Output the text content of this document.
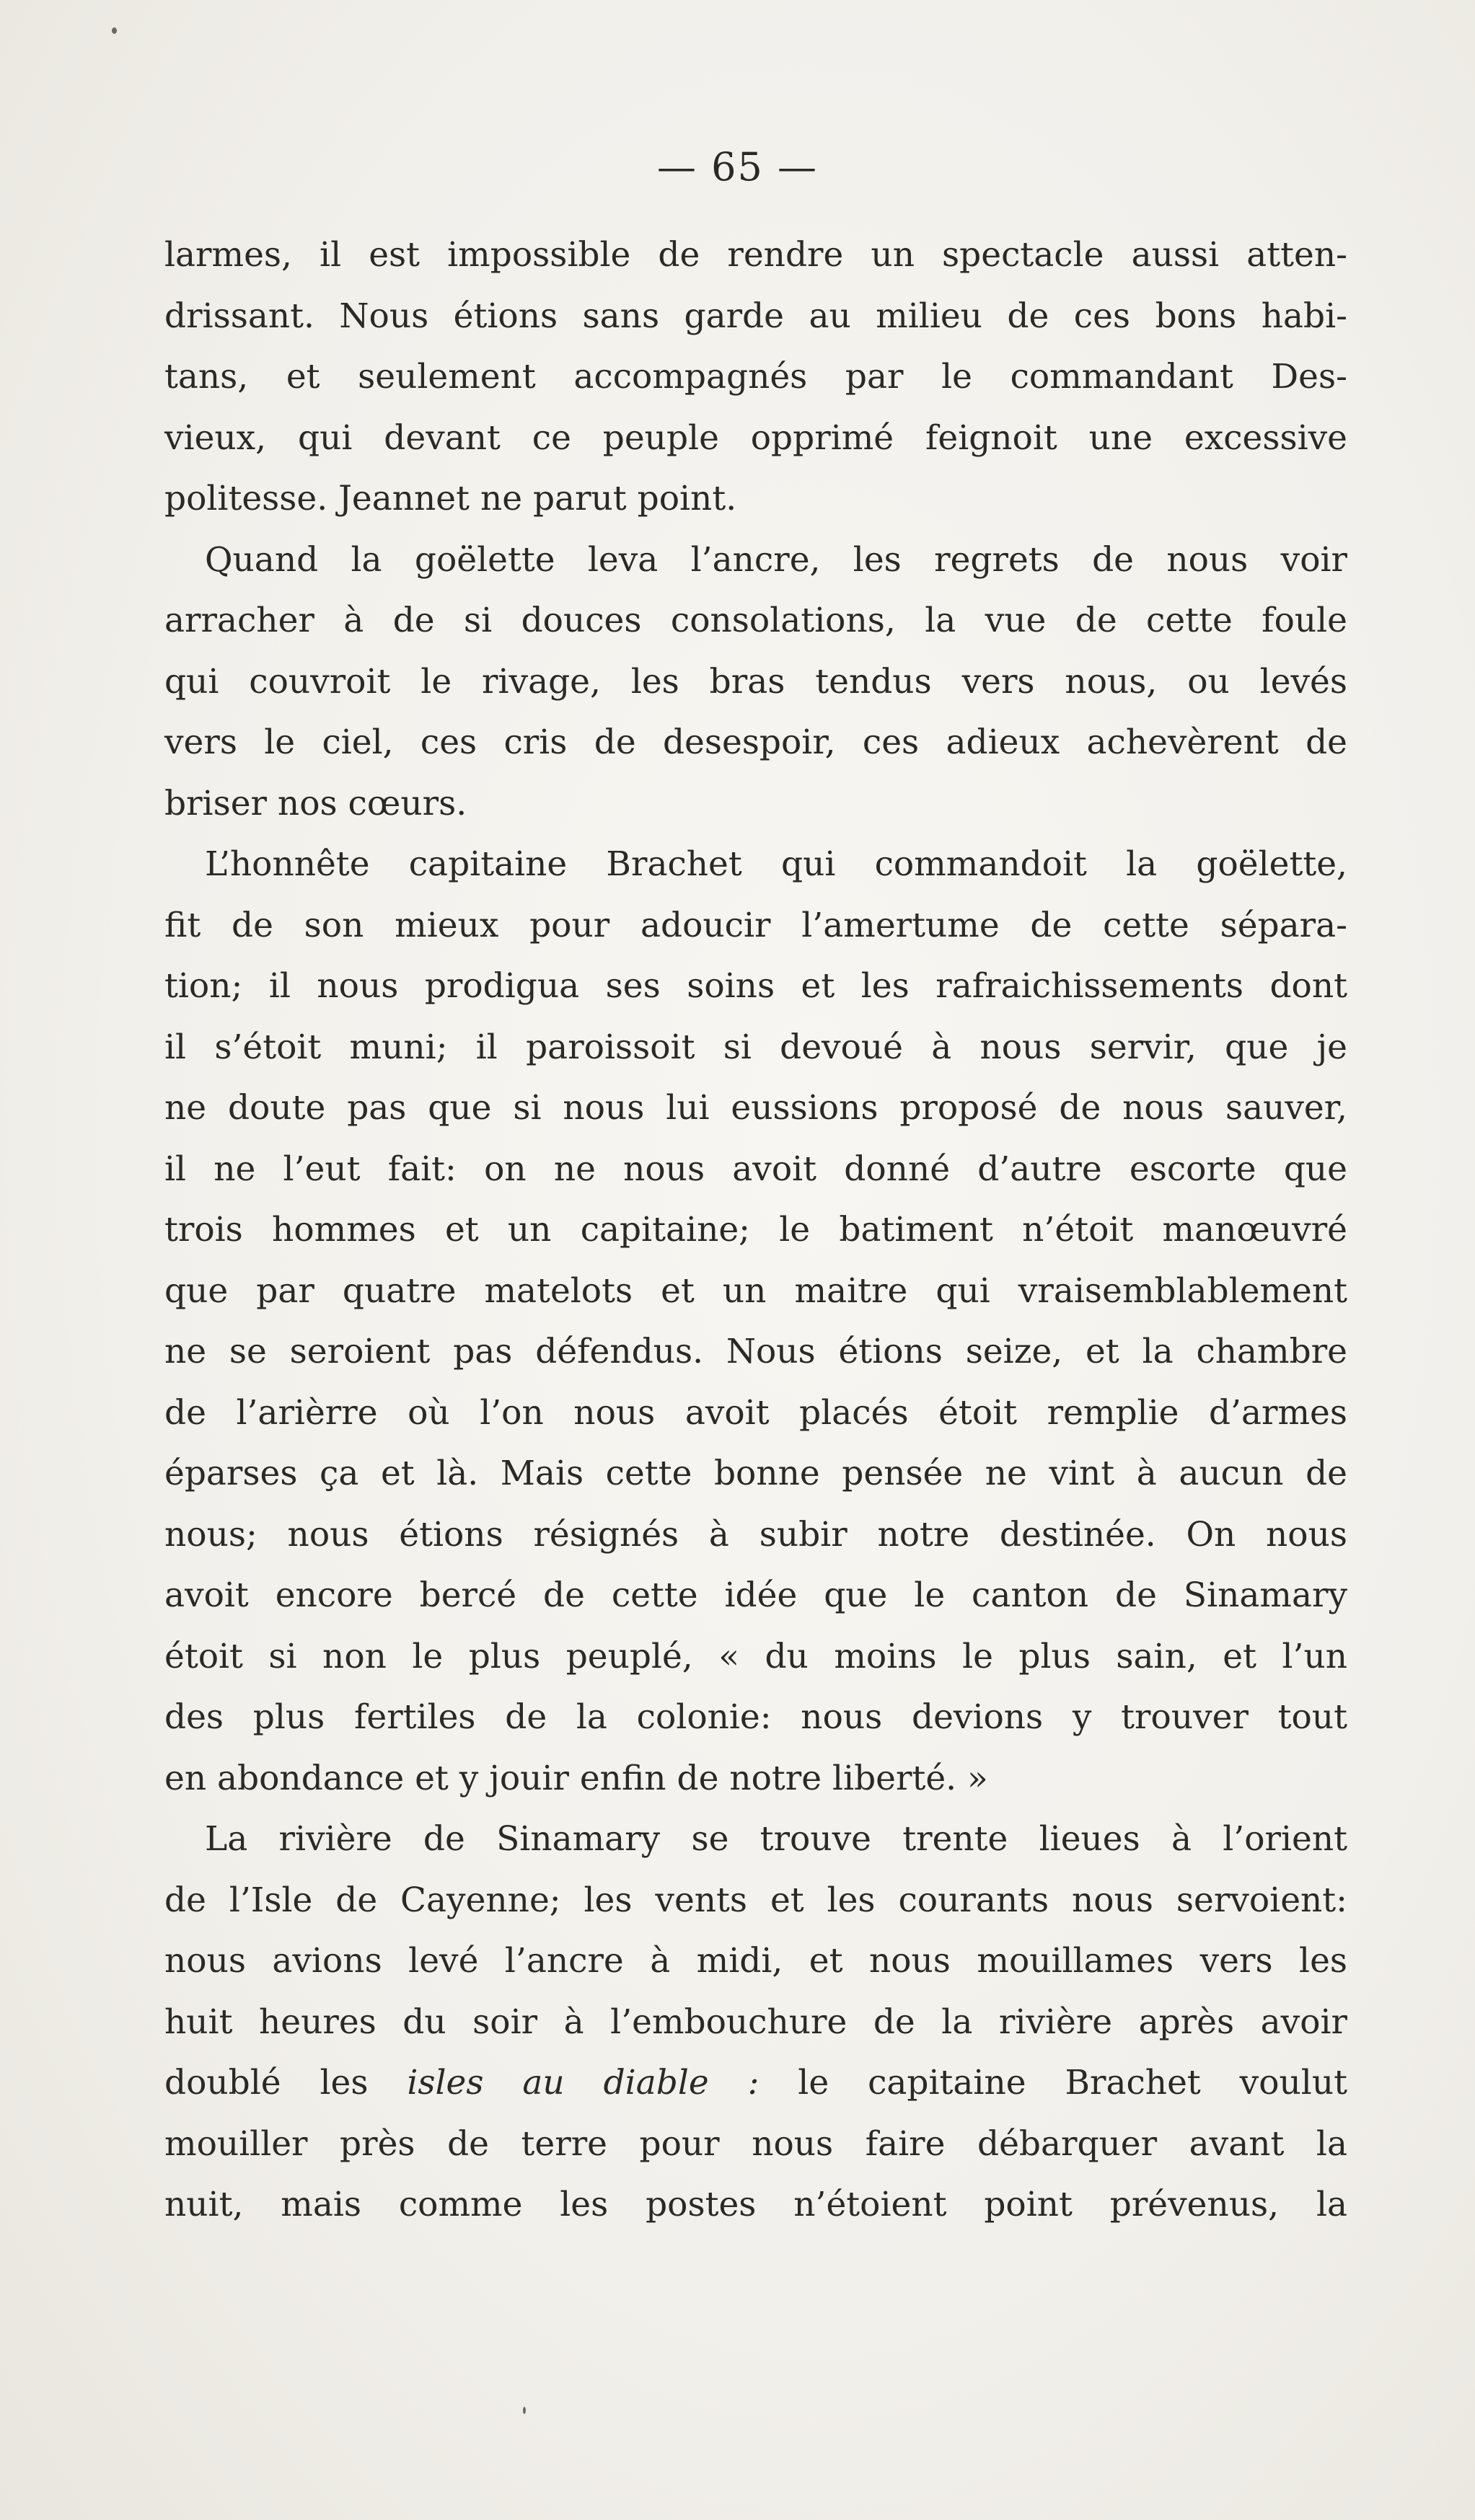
— 65 —
larmes, il est impossible de rendre un spectacle aussi atten-
drissant. Nous étions sans garde au milieu de ces bons habi-
tans, et seulement accompagnés par le commandant Des-
vieux, qui devant ce peuple opprimé feignoit une excessive
politesse. Jeannet ne parut point.
Quand la goëlette leva l’ancre, les regrets de nous voir
arracher à de si douces consolations, la vue de cette foule
qui couvroit le rivage, les bras tendus vers nous, ou levés
vers le ciel, ces cris de desespoir, ces adieux achevèrent de
briser nos cœurs.
L’honnête capitaine Brachet qui commandoit la goëlette,
fit de son mieux pour adoucir l’amertume de cette sépara-
tion; il nous prodigua ses soins et les rafraichissements dont
il s’étoit muni; il paroissoit si devoué à nous servir, que je
ne doute pas que si nous lui eussions proposé de nous sauver,
il ne l’eut fait: on ne nous avoit donné d’autre escorte que
trois hommes et un capitaine; le batiment n’étoit manœuvré
que par quatre matelots et un maitre qui vraisemblablement
ne se seroient pas défendus. Nous étions seize, et la chambre
de l’arièrre où l’on nous avoit placés étoit remplie d’armes
éparses ça et là. Mais cette bonne pensée ne vint à aucun de
nous; nous étions résignés à subir notre destinée. On nous
avoit encore bercé de cette idée que le canton de Sinamary
étoit si non le plus peuplé, « du moins le plus sain, et l’un
des plus fertiles de la colonie: nous devions y trouver tout
en abondance et y jouir enfin de notre liberté. »
La rivière de Sinamary se trouve trente lieues à l’orient
de l’Isle de Cayenne; les vents et les courants nous servoient:
nous avions levé l’ancre à midi, et nous mouillames vers les
huit heures du soir à l’embouchure de la rivière après avoir
doublé les isles au diable : le capitaine Brachet voulut
mouiller près de terre pour nous faire débarquer avant la
nuit, mais comme les postes n’étoient point prévenus, la
